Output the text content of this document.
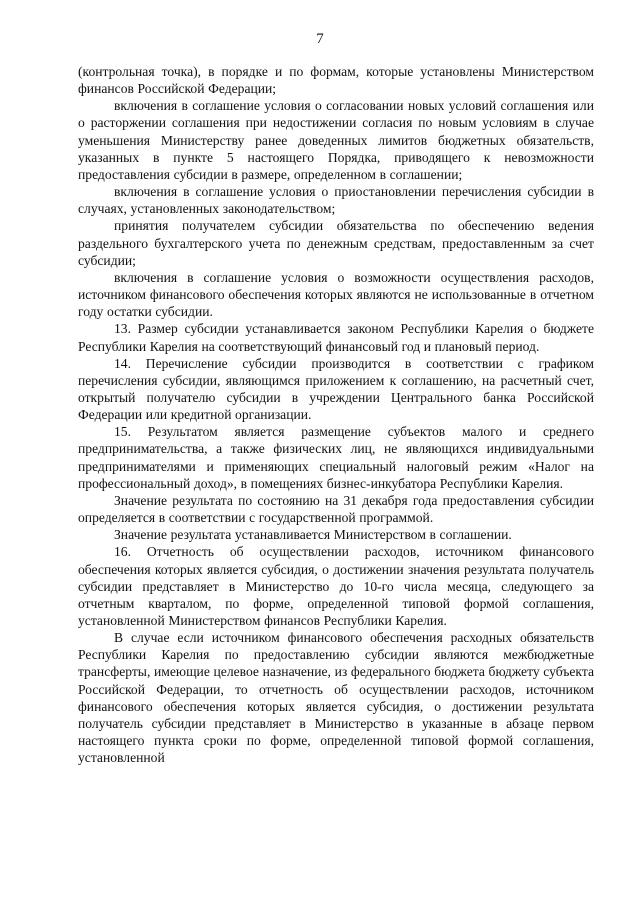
7

(контрольная точка), в порядке и по формам, которые установлены Министерством финансов Российской Федерации;

включения в соглашение условия о согласовании новых условий соглашения или о расторжении соглашения при недостижении согласия по новым условиям в случае уменьшения Министерству ранее доведенных лимитов бюджетных обязательств, указанных в пункте 5 настоящего Порядка, приводящего к невозможности предоставления субсидии в размере, определенном в соглашении;

включения в соглашение условия о приостановлении перечисления субсидии в случаях, установленных законодательством;

принятия получателем субсидии обязательства по обеспечению ведения раздельного бухгалтерского учета по денежным средствам, предоставленным за счет субсидии;

включения в соглашение условия о возможности осуществления расходов, источником финансового обеспечения которых являются не использованные в отчетном году остатки субсидии.

13. Размер субсидии устанавливается законом Республики Карелия о бюджете Республики Карелия на соответствующий финансовый год и плановый период.

14. Перечисление субсидии производится в соответствии с графиком перечисления субсидии, являющимся приложением к соглашению, на расчетный счет, открытый получателю субсидии в учреждении Центрального банка Российской Федерации или кредитной организации.

15. Результатом является размещение субъектов малого и среднего предпринимательства, а также физических лиц, не являющихся индивидуальными предпринимателями и применяющих специальный налоговый режим «Налог на профессиональный доход», в помещениях бизнес-инкубатора Республики Карелия.

Значение результата по состоянию на 31 декабря года предоставления субсидии определяется в соответствии с государственной программой.

Значение результата устанавливается Министерством в соглашении.

16. Отчетность об осуществлении расходов, источником финансового обеспечения которых является субсидия, о достижении значения результата получатель субсидии представляет в Министерство до 10-го числа месяца, следующего за отчетным кварталом, по форме, определенной типовой формой соглашения, установленной Министерством финансов Республики Карелия.

В случае если источником финансового обеспечения расходных обязательств Республики Карелия по предоставлению субсидии являются межбюджетные трансферты, имеющие целевое назначение, из федерального бюджета бюджету субъекта Российской Федерации, то отчетность об осуществлении расходов, источником финансового обеспечения которых является субсидия, о достижении результата получатель субсидии представляет в Министерство в указанные в абзаце первом настоящего пункта сроки по форме, определенной типовой формой соглашения, установленной
